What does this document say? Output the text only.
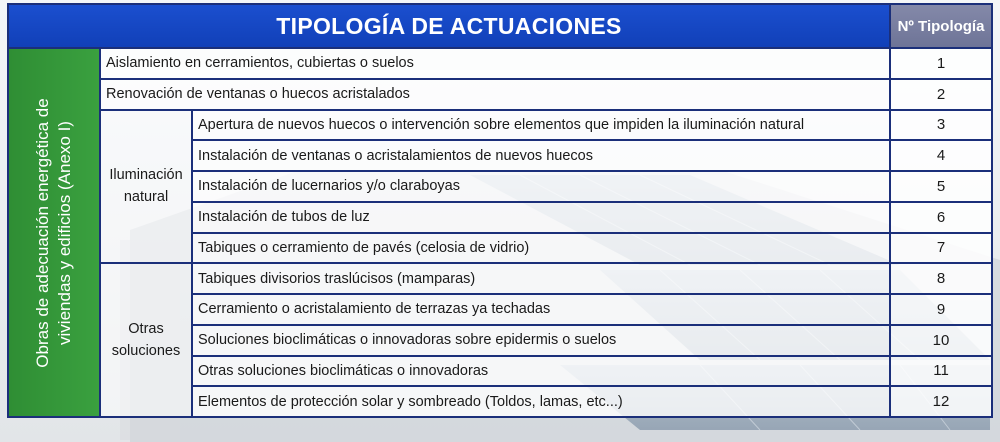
TIPOLOGÍA DE ACTUACIONES			Nº Tipología

Obras de adecuación energética de viviendas y edificios (Anexo I)	Aislamiento en cerramientos, cubiertas o suelos		1
	Renovación de ventanas o huecos acristalados		2
	Iluminación
natural	Apertura de nuevos huecos o intervención sobre elementos que impiden la iluminación natural	3
		Instalación de ventanas o acristalamientos de nuevos huecos	4
		Instalación de lucernarios y/o claraboyas	5
		Instalación de tubos de luz	6
		Tabiques o cerramiento de pavés (celosia de vidrio)	7
	Otras
soluciones	Tabiques divisorios traslúcisos (mamparas)	8
		Cerramiento o acristalamiento de terrazas ya techadas	9
		Soluciones bioclimáticas o innovadoras sobre epidermis o suelos	10
		Otras soluciones bioclimáticas o innovadoras	11
		Elementos de protección solar y sombreado (Toldos, lamas, etc...)	12
